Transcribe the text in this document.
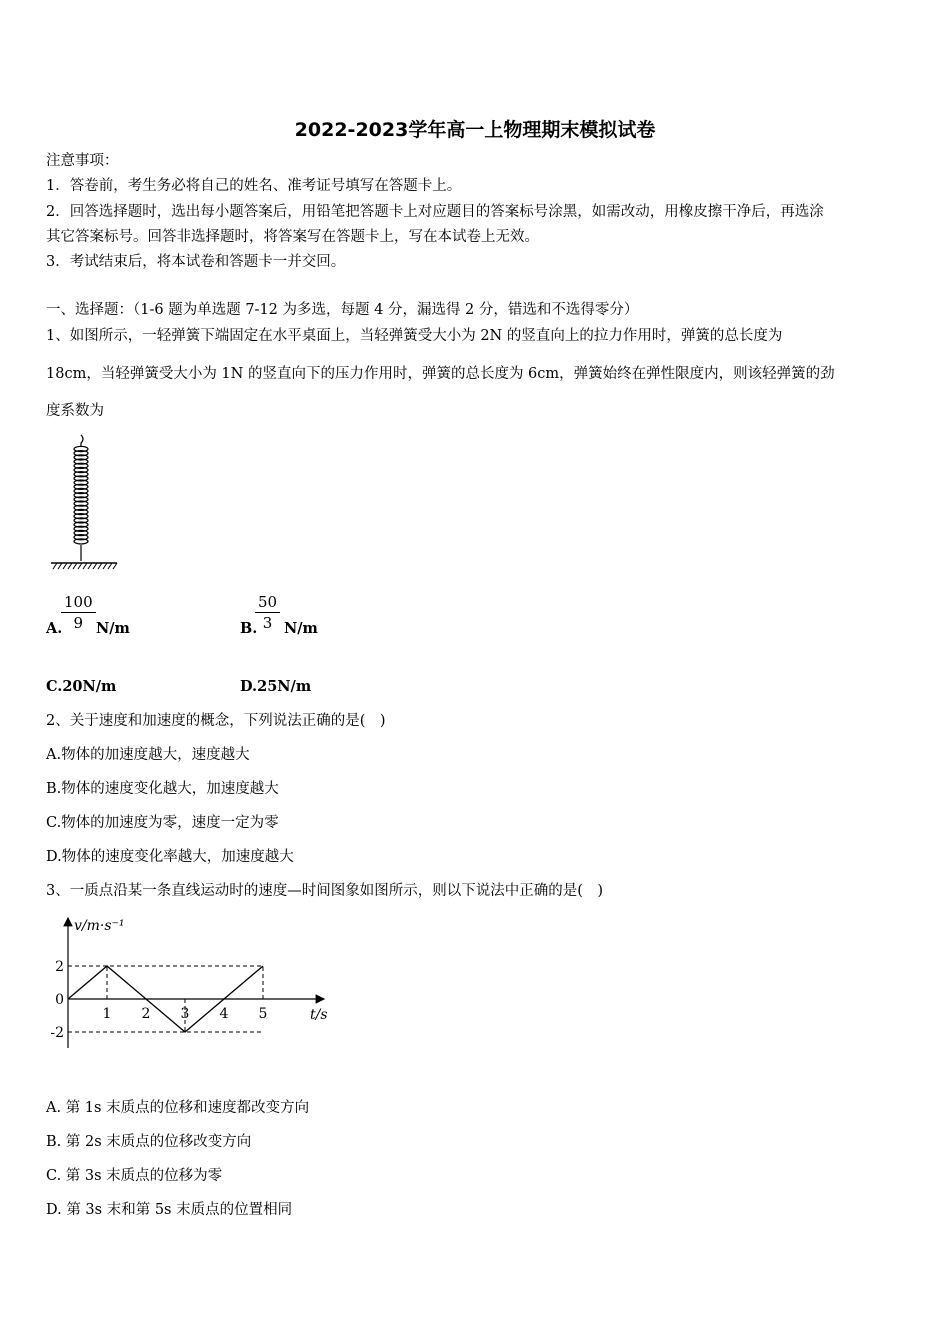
2022-2023学年高一上物理期末模拟试卷
注意事项：
1．答卷前，考生务必将自己的姓名、准考证号填写在答题卡上。
2．回答选择题时，选出每小题答案后，用铅笔把答题卡上对应题目的答案标号涂黑，如需改动，用橡皮擦干净后，再选涂
其它答案标号。回答非选择题时，将答案写在答题卡上，写在本试卷上无效。
3．考试结束后，将本试卷和答题卡一并交回。
一、选择题：（1-6 题为单选题 7-12 为多选，每题 4 分，漏选得 2 分，错选和不选得零分）
1、如图所示，一轻弹簧下端固定在水平桌面上，当轻弹簧受大小为 2N 的竖直向上的拉力作用时，弹簧的总长度为
18cm，当轻弹簧受大小为 1N 的竖直向下的压力作用时，弹簧的总长度为 6cm，弹簧始终在弹性限度内，则该轻弹簧的劲
度系数为
A.
$\frac{100}{9} N/m$	B.
$\frac{50}{3} N/m$
C.20N/m	D.25N/m
2、关于速度和加速度的概念，下列说法正确的是(　)
A.物体的加速度越大，速度越大
B.物体的速度变化越大，加速度越大
C.物体的加速度为零，速度一定为零
D.物体的速度变化率越大，加速度越大
3、一质点沿某一条直线运动时的速度—时间图象如图所示，则以下说法中正确的是(　)
1 2 3 4 5
2
0
-2
v/m·s⁻¹
t/s
A. 第 1s 末质点的位移和速度都改变方向
B. 第 2s 末质点的位移改变方向
C. 第 3s 末质点的位移为零
D. 第 3s 末和第 5s 末质点的位置相同
